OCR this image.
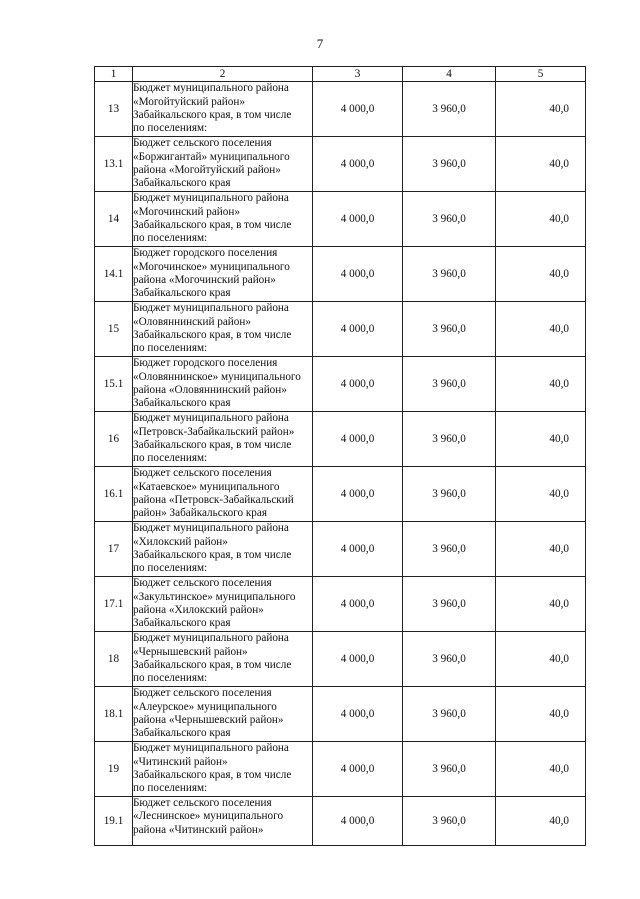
7
1	2	3	4	5
13	Бюджет муниципального района
«Могойтуйский район»
Забайкальского края, в том числе
по поселениям:	4 000,0	3 960,0	40,0
13.1	Бюджет сельского поселения
«Боржигантай» муниципального
района «Могойтуйский район»
Забайкальского края	4 000,0	3 960,0	40,0
14	Бюджет муниципального района
«Могочинский район»
Забайкальского края, в том числе
по поселениям:	4 000,0	3 960,0	40,0
14.1	Бюджет городского поселения
«Могочинское» муниципального
района «Могочинский район»
Забайкальского края	4 000,0	3 960,0	40,0
15	Бюджет муниципального района
«Оловяннинский район»
Забайкальского края, в том числе
по поселениям:	4 000,0	3 960,0	40,0
15.1	Бюджет городского поселения
«Оловяннинское» муниципального
района «Оловяннинский район»
Забайкальского края	4 000,0	3 960,0	40,0
16	Бюджет муниципального района
«Петровск-Забайкальский район»
Забайкальского края, в том числе
по поселениям:	4 000,0	3 960,0	40,0
16.1	Бюджет сельского поселения
«Катаевское» муниципального
района «Петровск-Забайкальский
район» Забайкальского края	4 000,0	3 960,0	40,0
17	Бюджет муниципального района
«Хилокский район»
Забайкальского края, в том числе
по поселениям:	4 000,0	3 960,0	40,0
17.1	Бюджет сельского поселения
«Закультинское» муниципального
района «Хилокский район»
Забайкальского края	4 000,0	3 960,0	40,0
18	Бюджет муниципального района
«Чернышевский район»
Забайкальского края, в том числе
по поселениям:	4 000,0	3 960,0	40,0
18.1	Бюджет сельского поселения
«Алеурское» муниципального
района «Чернышевский район»
Забайкальского края	4 000,0	3 960,0	40,0
19	Бюджет муниципального района
«Читинский район»
Забайкальского края, в том числе
по поселениям:	4 000,0	3 960,0	40,0
19.1	Бюджет сельского поселения
«Леснинское» муниципального
района «Читинский район»	4 000,0	3 960,0	40,0
